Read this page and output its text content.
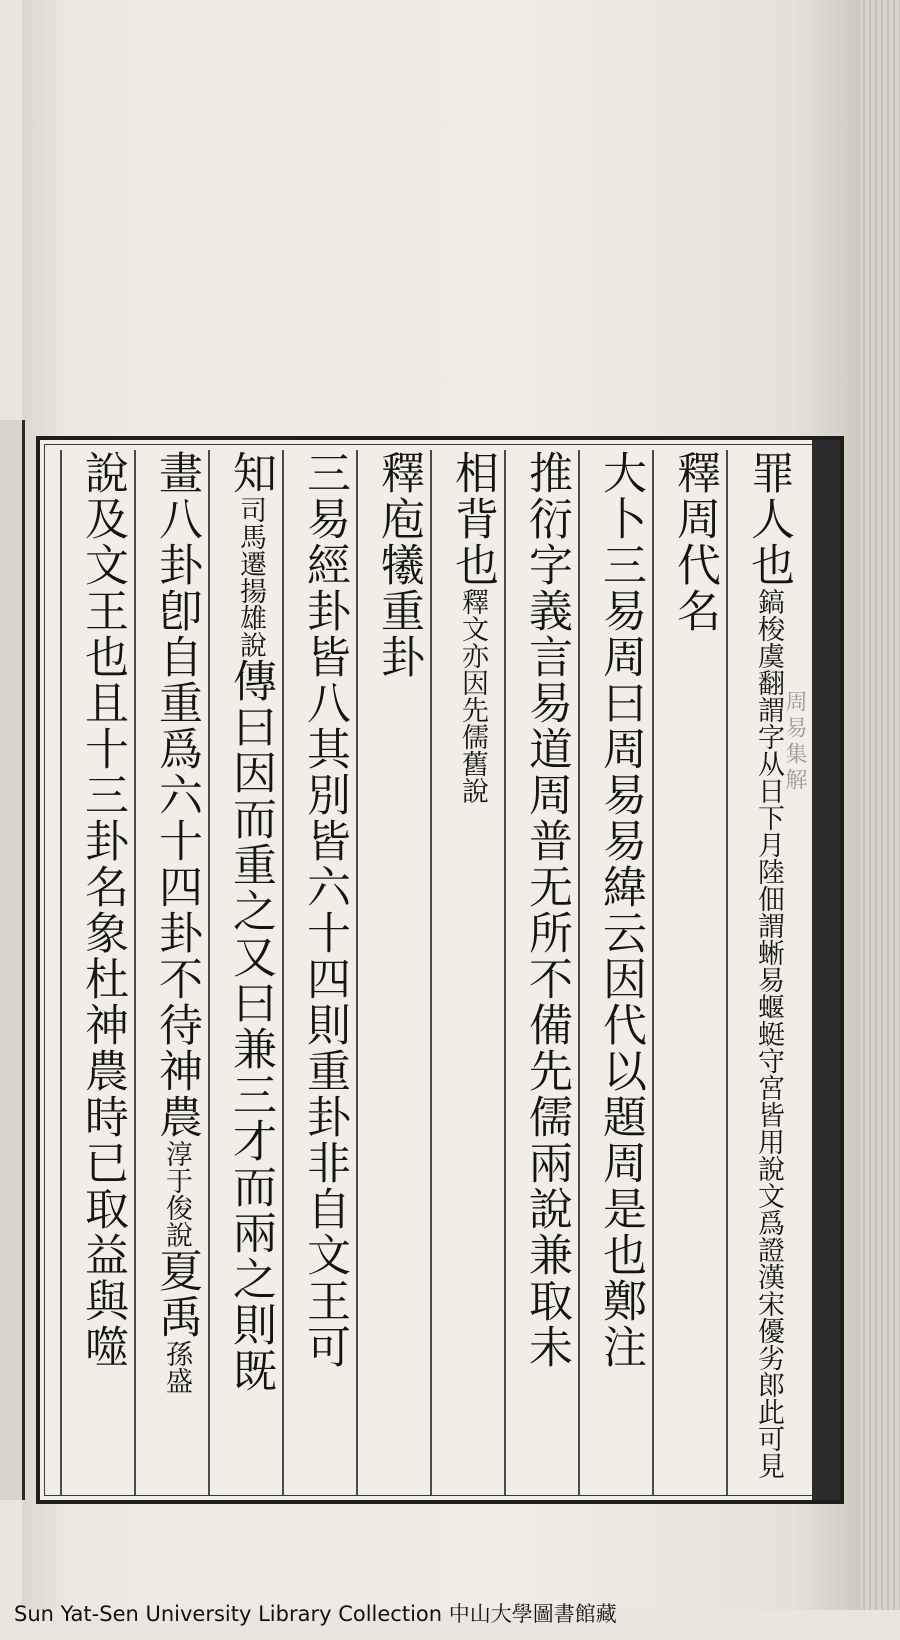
周易集解
罪人也鎬梭虞翻謂字从日下月陸佃謂蜥易蝘蜓守宮皆用說文爲證漢宋優劣郎此可見
釋周代名
大卜三易周曰周易易緯云因代以題周是也鄭注
推衍字義言易道周普无所不備先儒兩說兼取未
相背也釋文亦因先儒舊說
釋庖犧重卦
三易經卦皆八其別皆六十四則重卦非自文王可
知司馬遷揚雄說傳曰因而重之又曰兼三才而兩之則既
畫八卦卽自重爲六十四卦不待神農淳于俊說夏禹孫盛
說及文王也且十三卦名象杜神農時已取益與噬
Sun Yat-Sen University Library Collection 中山大學圖書館藏
